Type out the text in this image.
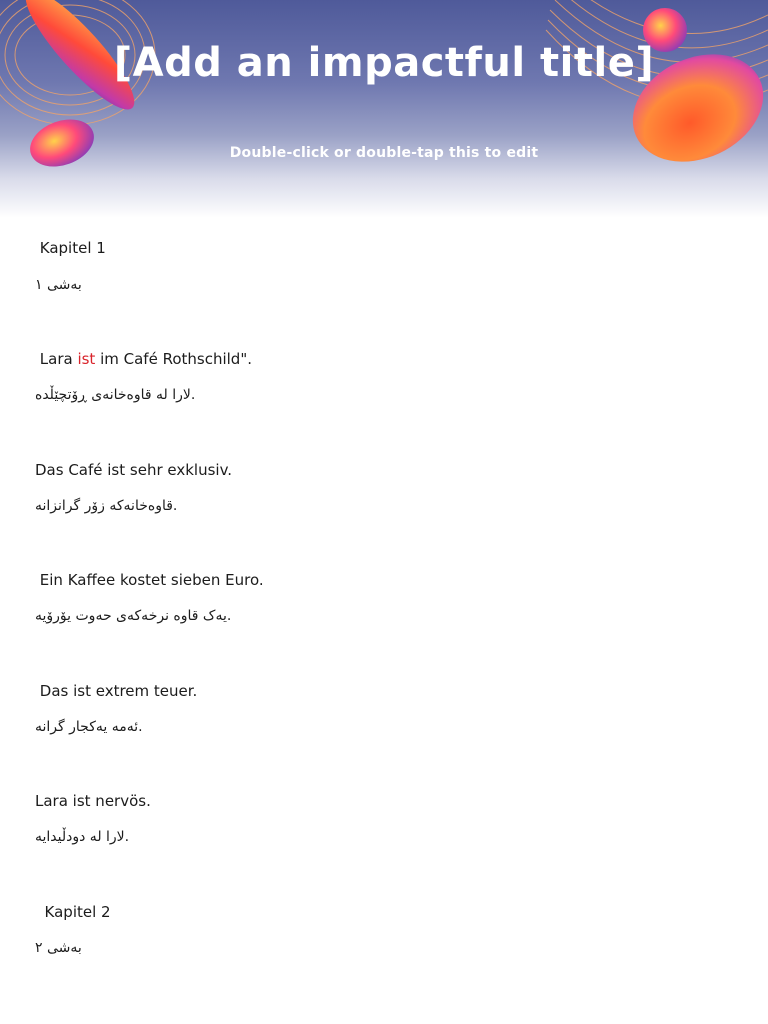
[Add an impactful title]
Double-click or double-tap this to edit
Kapitel 1
بەشی ١
Lara ist im Café Rothschild".
لارا لە قاوەخانەی ڕۆتچێڵدە.
Das Café ist sehr exklusiv.
قاوەخانەکە زۆر گرانزانە.
Ein Kaffee kostet sieben Euro.
یەک قاوە نرخەکەی حەوت یۆرۆیە.
Das ist extrem teuer.
ئەمە یەکجار گرانە.
Lara ist nervös.
لارا لە دودڵیدایە.
Kapitel 2
بەشی ٢
